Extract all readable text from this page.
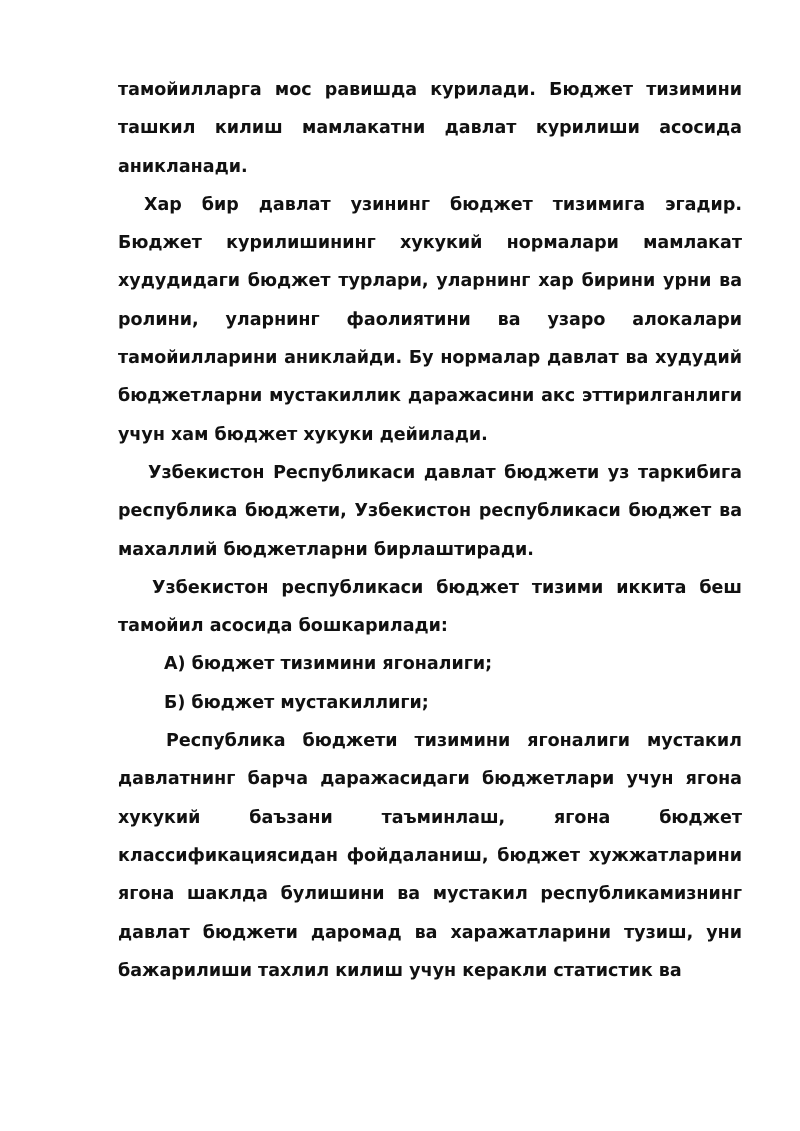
тамойилларга мос равишда курилади. Бюджет тизимини ташкил килиш мамлакатни давлат курилиши асосида аникланади.

Хар бир давлат узининг бюджет тизимига эгадир. Бюджет курилишининг хукукий нормалари мамлакат худудидаги бюджет турлари, уларнинг хар бирини урни ва ролини, уларнинг фаолиятини ва узаро алокалари тамойилларини аниклайди. Бу нормалар давлат ва худудий бюджетларни мустакиллик даражасини акс эттирилганлиги учун хам бюджет хукуки дейилади.

Узбекистон Республикаси давлат бюджети уз таркибига республика бюджети, Узбекистон республикаси бюджет ва махаллий бюджетларни бирлаштиради.

Узбекистон республикаси бюджет тизими иккита беш тамойил асосида бошкарилади:

А) бюджет тизимини ягоналиги;

Б) бюджет мустакиллиги;

Республика бюджети тизимини ягоналиги мустакил давлатнинг барча даражасидаги бюджетлари учун ягона хукукий баъзани таъминлаш, ягона бюджет классификациясидан фойдаланиш, бюджет хужжатларини ягона шаклда булишини ва мустакил республикамизнинг давлат бюджети даромад ва харажатларини тузиш, уни бажарилиши тахлил килиш учун керакли статистик ва
